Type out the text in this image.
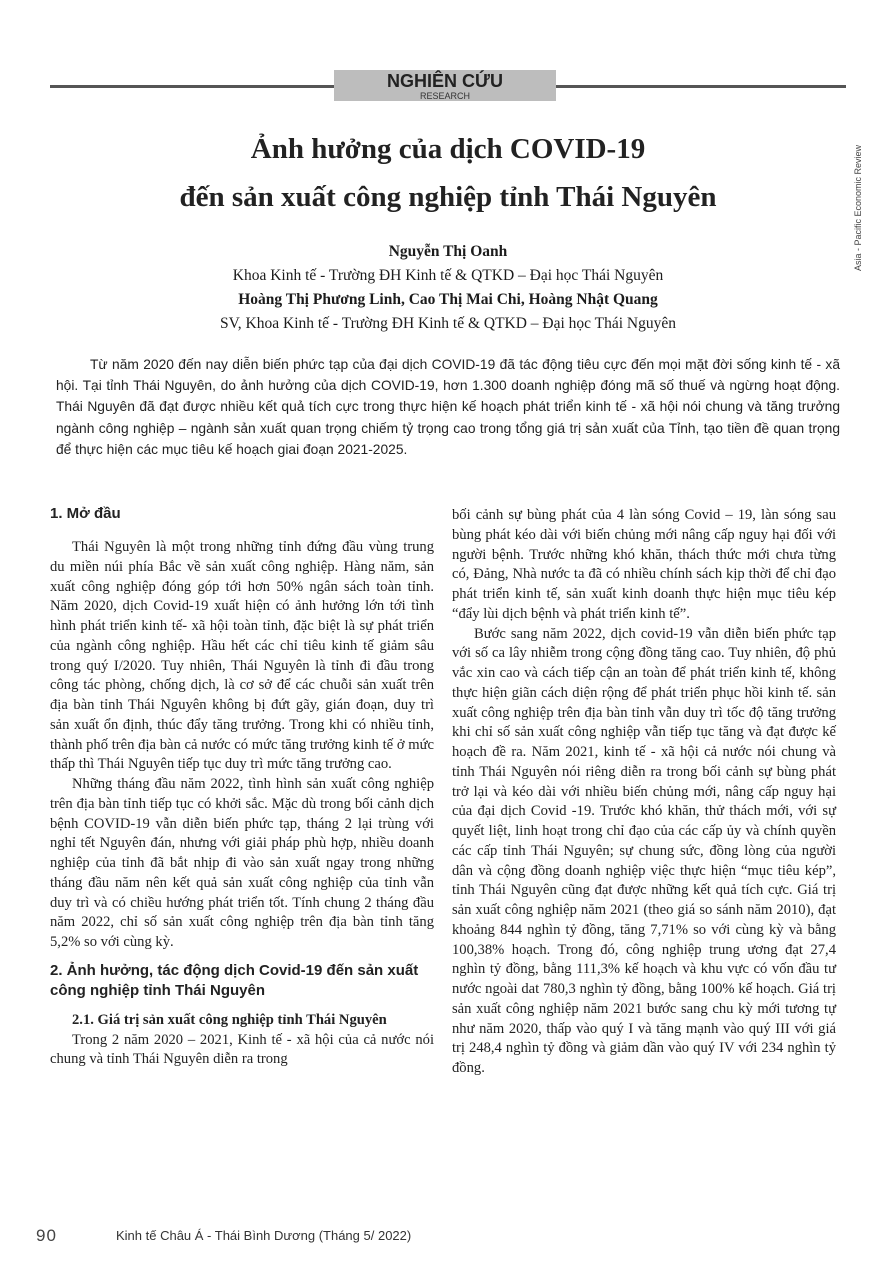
NGHIÊN CỨU
RESEARCH
Asia - Pacific Economic Review
Ảnh hưởng của dịch COVID-19
đến sản xuất công nghiệp tỉnh Thái Nguyên
Nguyễn Thị Oanh
Khoa Kinh tế - Trường ĐH Kinh tế & QTKD – Đại học Thái Nguyên
Hoàng Thị Phương Linh, Cao Thị Mai Chi, Hoàng Nhật Quang
SV, Khoa Kinh tế - Trường ĐH Kinh tế & QTKD – Đại học Thái Nguyên

Từ năm 2020 đến nay diễn biến phức tạp của đại dịch COVID-19 đã tác động tiêu cực đến mọi mặt đời sống kinh tế - xã hội. Tại tỉnh Thái Nguyên, do ảnh hưởng của dịch COVID-19, hơn 1.300 doanh nghiệp đóng mã số thuế và ngừng hoạt động. Thái Nguyên đã đạt được nhiều kết quả tích cực trong thực hiện kế hoạch phát triển kinh tế - xã hội nói chung và tăng trưởng ngành công nghiệp – ngành sản xuất quan trọng chiếm tỷ trọng cao trong tổng giá trị sản xuất của Tỉnh, tạo tiền đề quan trọng để thực hiện các mục tiêu kế hoạch giai đoạn 2021-2025.

1. Mở đầu

Thái Nguyên là một trong những tỉnh đứng đầu vùng trung du miền núi phía Bắc về sản xuất công nghiệp. Hàng năm, sản xuất công nghiệp đóng góp tới hơn 50% ngân sách toàn tỉnh. Năm 2020, dịch Covid-19 xuất hiện có ảnh hưởng lớn tới tình hình phát triển kinh tế- xã hội toàn tỉnh, đặc biệt là sự phát triển của ngành công nghiệp. Hầu hết các chỉ tiêu kinh tế giảm sâu trong quý I/2020. Tuy nhiên, Thái Nguyên là tỉnh đi đầu trong công tác phòng, chống dịch, là cơ sở để các chuỗi sản xuất trên địa bàn tỉnh Thái Nguyên không bị đứt gãy, gián đoạn, duy trì sản xuất ổn định, thúc đẩy tăng trưởng. Trong khi có nhiều tỉnh, thành phố trên địa bàn cả nước có mức tăng trưởng kinh tế ở mức thấp thì Thái Nguyên tiếp tục duy trì mức tăng trưởng cao.

Những tháng đầu năm 2022, tình hình sản xuất công nghiệp trên địa bàn tỉnh tiếp tục có khởi sắc. Mặc dù trong bối cảnh dịch bệnh COVID-19 vẫn diễn biến phức tạp, tháng 2 lại trùng với nghỉ tết Nguyên đán, nhưng với giải pháp phù hợp, nhiều doanh nghiệp của tỉnh đã bắt nhịp đi vào sản xuất ngay trong những tháng đầu năm nên kết quả sản xuất công nghiệp của tỉnh vẫn duy trì và có chiều hướng phát triển tốt. Tính chung 2 tháng đầu năm 2022, chỉ số sản xuất công nghiệp trên địa bàn tỉnh tăng 5,2% so với cùng kỳ.

2. Ảnh hưởng, tác động dịch Covid-19 đến sản xuất công nghiệp tỉnh Thái Nguyên
2.1. Giá trị sản xuất công nghiệp tỉnh Thái Nguyên

Trong 2 năm 2020 – 2021, Kinh tế - xã hội của cả nước nói chung và tỉnh Thái Nguyên diễn ra trong

bối cảnh sự bùng phát của 4 làn sóng Covid – 19, làn sóng sau bùng phát kéo dài với biến chủng mới nâng cấp nguy hại đối với người bệnh. Trước những khó khăn, thách thức mới chưa từng có, Đảng, Nhà nước ta đã có nhiều chính sách kịp thời để chỉ đạo phát triển kinh tế, sản xuất kinh doanh thực hiện mục tiêu kép “đẩy lùi dịch bệnh và phát triển kinh tế”.

Bước sang năm 2022, dịch covid-19 vẫn diễn biến phức tạp với số ca lây nhiễm trong cộng đồng tăng cao. Tuy nhiên, độ phủ vắc xin cao và cách tiếp cận an toàn để phát triển kinh tế, không thực hiện giãn cách diện rộng để phát triển phục hồi kinh tế. sản xuất công nghiệp trên địa bàn tỉnh vẫn duy trì tốc độ tăng trưởng khi chỉ số sản xuất công nghiệp vẫn tiếp tục tăng và đạt được kế hoạch đề ra. Năm 2021, kinh tế - xã hội cả nước nói chung và tỉnh Thái Nguyên nói riêng diễn ra trong bối cảnh sự bùng phát trở lại và kéo dài với nhiều biến chủng mới, nâng cấp nguy hại của đại dịch Covid -19. Trước khó khăn, thử thách mới, với sự quyết liệt, linh hoạt trong chỉ đạo của các cấp ủy và chính quyền các cấp tỉnh Thái Nguyên; sự chung sức, đồng lòng của người dân và cộng đồng doanh nghiệp việc thực hiện “mục tiêu kép”, tỉnh Thái Nguyên cũng đạt được những kết quả tích cực. Giá trị sản xuất công nghiệp năm 2021 (theo giá so sánh năm 2010), đạt khoảng 844 nghìn tỷ đồng, tăng 7,71% so với cùng kỳ và bằng 100,38% hoạch. Trong đó, công nghiệp trung ương đạt 27,4 nghìn tỷ đồng, bằng 111,3% kế hoạch và khu vực có vốn đầu tư nước ngoài dat 780,3 nghìn tỷ đồng, bằng 100% kế hoạch. Giá trị sản xuất công nghiệp năm 2021 bước sang chu kỳ mới tương tự như năm 2020, thấp vào quý I và tăng mạnh vào quý III với giá trị 248,4 nghìn tỷ đồng và giảm dần vào quý IV với 234 nghìn tỷ đồng.

90	Kinh tế Châu Á - Thái Bình Dương (Tháng 5/ 2022)
